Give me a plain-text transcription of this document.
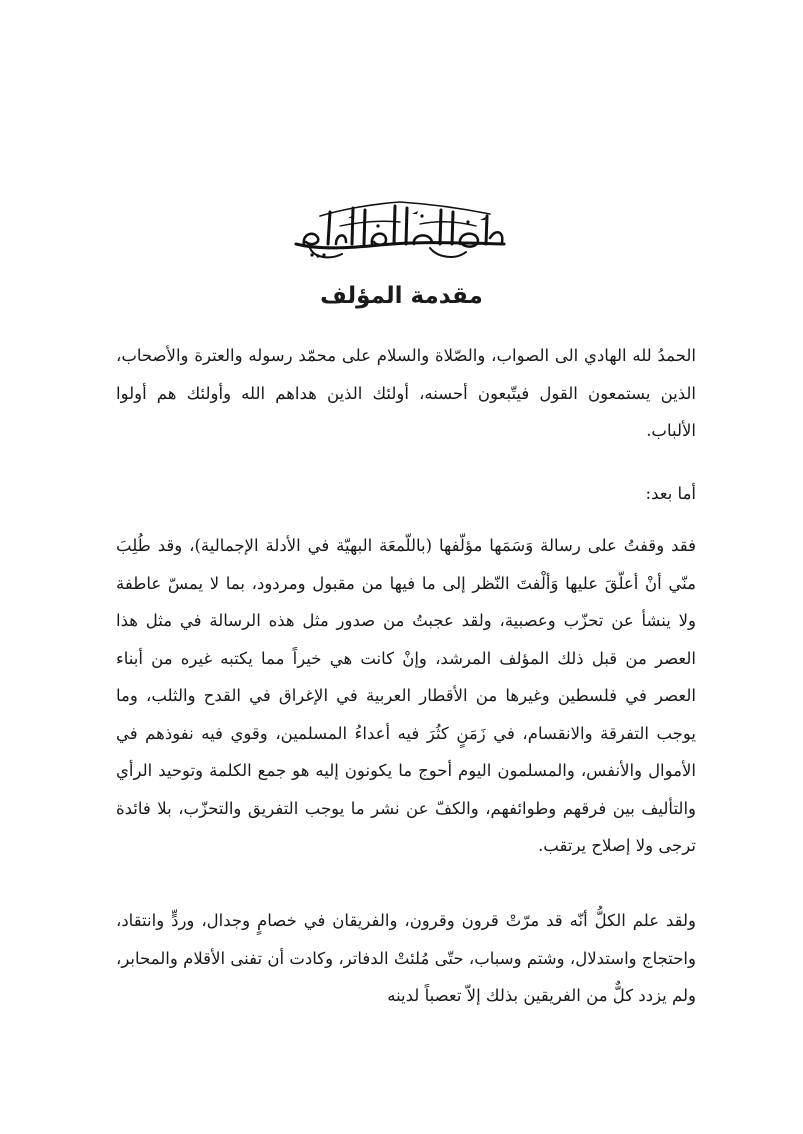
مقدمة المؤلف

الحمدُ لله الهادي الى الصواب، والصّلاة والسلام على محمّد رسوله والعترة والأصحاب، الذين يستمعون القول فيتّبعون أحسنه، أولئك الذين هداهم الله وأولئك هم أولوا الألباب.

أما بعد:

فقد وقفتُ على رسالة وَسَمَها مؤلّفها (باللّمعَة البهيّة في الأدلة الإجمالية)، وقد طُلِبَ منّي أنْ أعلّقَ عليها وَألْفتَ النّظر إلى ما فيها من مقبول ومردود، بما لا يمسّ عاطفة ولا ينشأ عن تحزّب وعصبية، ولقد عجبتُ من صدور مثل هذه الرسالة في مثل هذا العصر من قبل ذلك المؤلف المرشد، وإنْ كانت هي خيراً مما يكتبه غيره من أبناء العصر في فلسطين وغيرها من الأقطار العربية في الإغراق في القدح والثلب، وما يوجب التفرقة والانقسام، في زَمَنٍ كثُرَ فيه أعداءُ المسلمين، وقوي فيه نفوذهم في الأموال والأنفس، والمسلمون اليوم أحوج ما يكونون إليه هو جمع الكلمة وتوحيد الرأي والتأليف بين فرقهم وطوائفهم، والكفّ عن نشر ما يوجب التفريق والتحزّب، بلا فائدة ترجى ولا إصلاح يرتقب.

ولقد علم الكلُّ أنّه قد مرّتْ قرون وقرون، والفريقان في خصامٍ وجدال، وردٍّ وانتقاد، واحتجاج واستدلال، وشتم وسباب، حتّى مُلئتْ الدفاتر، وكادت أن تفنى الأقلام والمحابر، ولم يزدد كلٌّ من الفريقين بذلك إلاّ تعصباً لدينه
